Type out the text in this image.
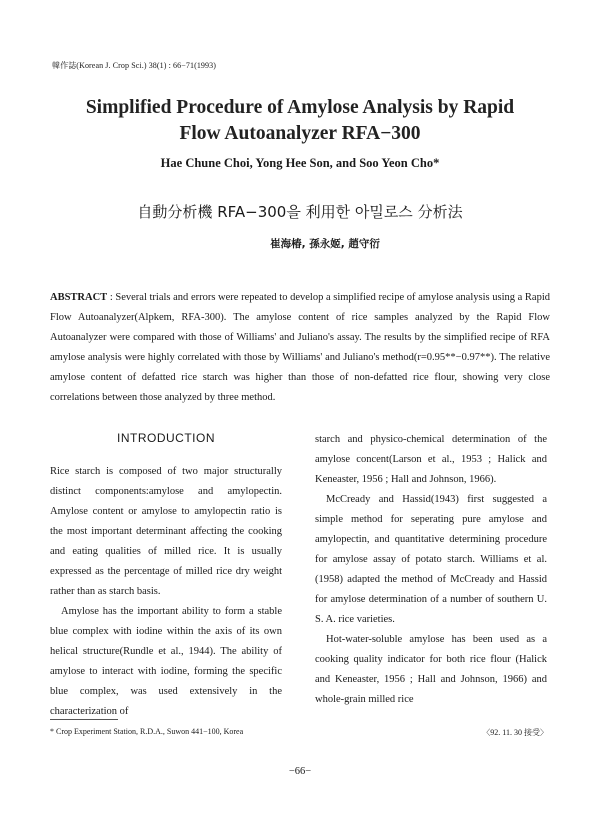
韓作誌(Korean J. Crop Sci.) 38(1) : 66−71(1993)
Simplified Procedure of Amylose Analysis by Rapid
Flow Autoanalyzer RFA−300
Hae Chune Choi, Yong Hee Son, and Soo Yeon Cho*
自動分析機 RFA−300을 利用한 아밀로스 分析法
崔海椿, 孫永姬, 趙守衍
ABSTRACT : Several trials and errors were repeated to develop a simplified recipe of amylose analysis using a Rapid Flow Autoanalyzer(Alpkem, RFA-300). The amylose content of rice samples analyzed by the Rapid Flow Autoanalyzer were compared with those of Williams' and Juliano's assay. The results by the simplified recipe of RFA amylose analysis were highly correlated with those by Williams' and Juliano's method(r=0.95**−0.97**). The relative amylose content of defatted rice starch was higher than those of non-defatted rice flour, showing very close correlations between those analyzed by three method.
INTRODUCTION

Rice starch is composed of two major structurally distinct components:amylose and amylopectin. Amylose content or amylose to amylopectin ratio is the most important determinant affecting the cooking and eating qualities of milled rice. It is usually expressed as the percentage of milled rice dry weight rather than as starch basis.

Amylose has the important ability to form a stable blue complex with iodine within the axis of its own helical structure(Rundle et al., 1944). The ability of amylose to interact with iodine, forming the specific blue complex, was used extensively in the characterization of

starch and physico-chemical determination of the amylose concent(Larson et al., 1953 ; Halick and Keneaster, 1956 ; Hall and Johnson, 1966).

McCready and Hassid(1943) first suggested a simple method for seperating pure amylose and amylopectin, and quantitative determining procedure for amylose assay of potato starch. Williams et al. (1958) adapted the method of McCready and Hassid for amylose determination of a number of southern U. S. A. rice varieties.

Hot-water-soluble amylose has been used as a cooking quality indicator for both rice flour (Halick and Keneaster, 1956 ; Hall and Johnson, 1966) and whole-grain milled rice

* Crop Experiment Station, R.D.A., Suwon 441−100, Korea	〈92. 11. 30 接受〉
−66−
